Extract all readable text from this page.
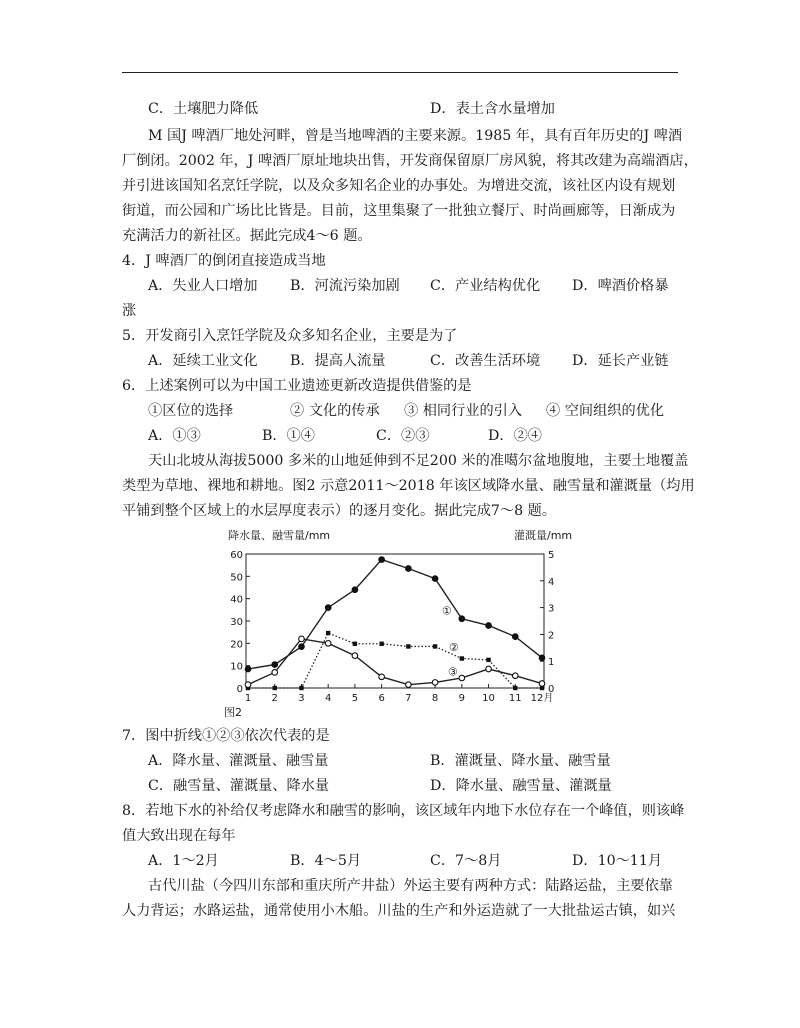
C．土壤肥力降低	D．表土含水量增加
M 国J 啤酒厂地处河畔，曾是当地啤酒的主要来源。1985 年，具有百年历史的J 啤酒
厂倒闭。2002 年，J 啤酒厂原址地块出售，开发商保留原厂房风貌，将其改建为高端酒店，
并引进该国知名烹饪学院，以及众多知名企业的办事处。为增进交流，该社区内设有规划
街道，而公园和广场比比皆是。目前，这里集聚了一批独立餐厅、时尚画廊等，日渐成为
充满活力的新社区。据此完成4～6 题。
4．J 啤酒厂的倒闭直接造成当地
A．失业人口增加 B．河流污染加剧 C．产业结构优化 D．啤酒价格暴
涨
5．开发商引入烹饪学院及众多知名企业，主要是为了
A．延续工业文化 B．提高人流量	C．改善生活环境 D．延长产业链
6．上述案例可以为中国工业遗迹更新改造提供借鉴的是
①区位的选择	② 文化的传承 ③ 相同行业的引入 ④ 空间组织的优化
A．①③	B．①④	C．②③	D．②④
天山北坡从海拔5000 多米的山地延伸到不足200 米的准噶尔盆地腹地，主要土地覆盖
类型为草地、裸地和耕地。图2 示意2011～2018 年该区域降水量、融雪量和灌溉量（均用
平铺到整个区域上的水层厚度表示）的逐月变化。据此完成7～8 题。
降水量、融雪量/mm	灌溉量/mm
图2
0
10
20
30
40
50
60
0
1
2
3
4
5
1 2 3 4 5 6 7 8 9 10 11 12月
①
②
③
7．图中折线①②③依次代表的是
A．降水量、灌溉量、融雪量	B．灌溉量、降水量、融雪量
C．融雪量、灌溉量、降水量	D．降水量、融雪量、灌溉量
8．若地下水的补给仅考虑降水和融雪的影响，该区域年内地下水位存在一个峰值，则该峰
值大致出现在每年
A．1～2月	B．4～5月	C．7～8月	D．10～11月
古代川盐（今四川东部和重庆所产井盐）外运主要有两种方式：陆路运盐，主要依靠
人力背运；水路运盐，通常使用小木船。川盐的生产和外运造就了一大批盐运古镇，如兴
